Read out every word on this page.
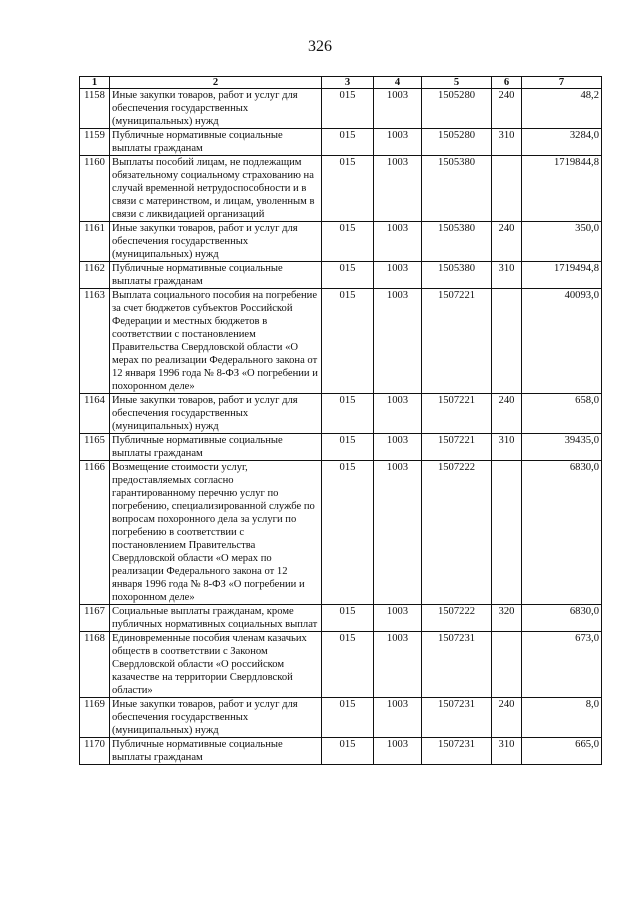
326
1	2	3	4	5	6	7
1158	Иные закупки товаров, работ и услуг для обеспечения государственных (муниципальных) нужд	015	1003	1505280	240	48,2
1159	Публичные нормативные социальные выплаты гражданам	015	1003	1505280	310	3284,0
1160	Выплаты пособий лицам, не подлежащим обязательному социальному страхованию на случай временной нетрудоспособности и в связи с материнством, и лицам, уволенным в связи с ликвидацией организаций	015	1003	1505380		1719844,8
1161	Иные закупки товаров, работ и услуг для обеспечения государственных (муниципальных) нужд	015	1003	1505380	240	350,0
1162	Публичные нормативные социальные выплаты гражданам	015	1003	1505380	310	1719494,8
1163	Выплата социального пособия на погребение за счет бюджетов субъектов Российской Федерации и местных бюджетов в соответствии с постановлением Правительства Свердловской области «О мерах по реализации Федерального закона от 12 января 1996 года № 8-ФЗ «О погребении и похоронном деле»	015	1003	1507221		40093,0
1164	Иные закупки товаров, работ и услуг для обеспечения государственных (муниципальных) нужд	015	1003	1507221	240	658,0
1165	Публичные нормативные социальные выплаты гражданам	015	1003	1507221	310	39435,0
1166	Возмещение стоимости услуг, предоставляемых согласно гарантированному перечню услуг по погребению, специализированной службе по вопросам похоронного дела за услуги по погребению в соответствии с постановлением Правительства Свердловской области «О мерах по реализации Федерального закона от 12 января 1996 года № 8-ФЗ «О погребении и похоронном деле»	015	1003	1507222		6830,0
1167	Социальные выплаты гражданам, кроме публичных нормативных социальных выплат	015	1003	1507222	320	6830,0
1168	Единовременные пособия членам казачьих обществ в соответствии с Законом Свердловской области «О российском казачестве на территории Свердловской области»	015	1003	1507231		673,0
1169	Иные закупки товаров, работ и услуг для обеспечения государственных (муниципальных) нужд	015	1003	1507231	240	8,0
1170	Публичные нормативные социальные выплаты гражданам	015	1003	1507231	310	665,0
